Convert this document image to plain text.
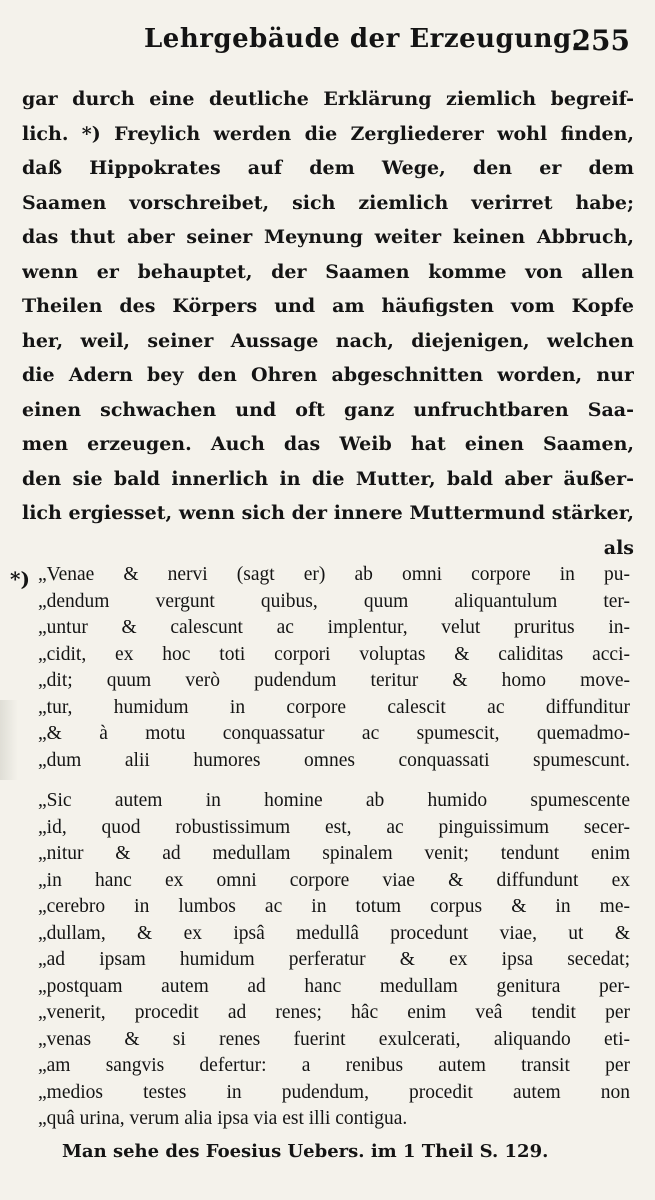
Lehrgebäude der Erzeugung.
255
gar durch eine deutliche Erklärung ziemlich begreif-
lich. *) Freylich werden die Zergliederer wohl finden,
daß Hippokrates auf dem Wege, den er dem
Saamen vorschreibet, sich ziemlich verirret habe;
das thut aber seiner Meynung weiter keinen Abbruch,
wenn er behauptet, der Saamen komme von allen
Theilen des Körpers und am häufigsten vom Kopfe
her, weil, seiner Aussage nach, diejenigen, welchen
die Adern bey den Ohren abgeschnitten worden, nur
einen schwachen und oft ganz unfruchtbaren Saa-
men erzeugen. Auch das Weib hat einen Saamen,
den sie bald innerlich in die Mutter, bald aber äußer-
lich ergiesset, wenn sich der innere Muttermund stärker,
als
*) „Venae & nervi (sagt er) ab omni corpore in pu-
„dendum vergunt quibus, quum aliquantulum ter-
„untur & calescunt ac implentur, velut pruritus in-
„cidit, ex hoc toti corpori voluptas & caliditas acci-
„dit; quum verò pudendum teritur & homo move-
„tur, humidum in corpore calescit ac diffunditur
„& à motu conquassatur ac spumescit, quemadmo-
„dum alii humores omnes conquassati spumescunt.
„Sic autem in homine ab humido spumescente
„id, quod robustissimum est, ac pinguissimum secer-
„nitur & ad medullam spinalem venit; tendunt enim
„in hanc ex omni corpore viae & diffundunt ex
„cerebro in lumbos ac in totum corpus & in me-
„dullam, & ex ipsâ medullâ procedunt viae, ut &
„ad ipsam humidum perferatur & ex ipsa secedat;
„postquam autem ad hanc medullam genitura per-
„venerit, procedit ad renes; hâc enim veâ tendit per
„venas & si renes fuerint exulcerati, aliquando eti-
„am sangvis defertur: a renibus autem transit per
„medios testes in pudendum, procedit autem non
„quâ urina, verum alia ipsa via est illi contigua.
Man sehe des Foesius Uebers. im 1 Theil S. 129.
